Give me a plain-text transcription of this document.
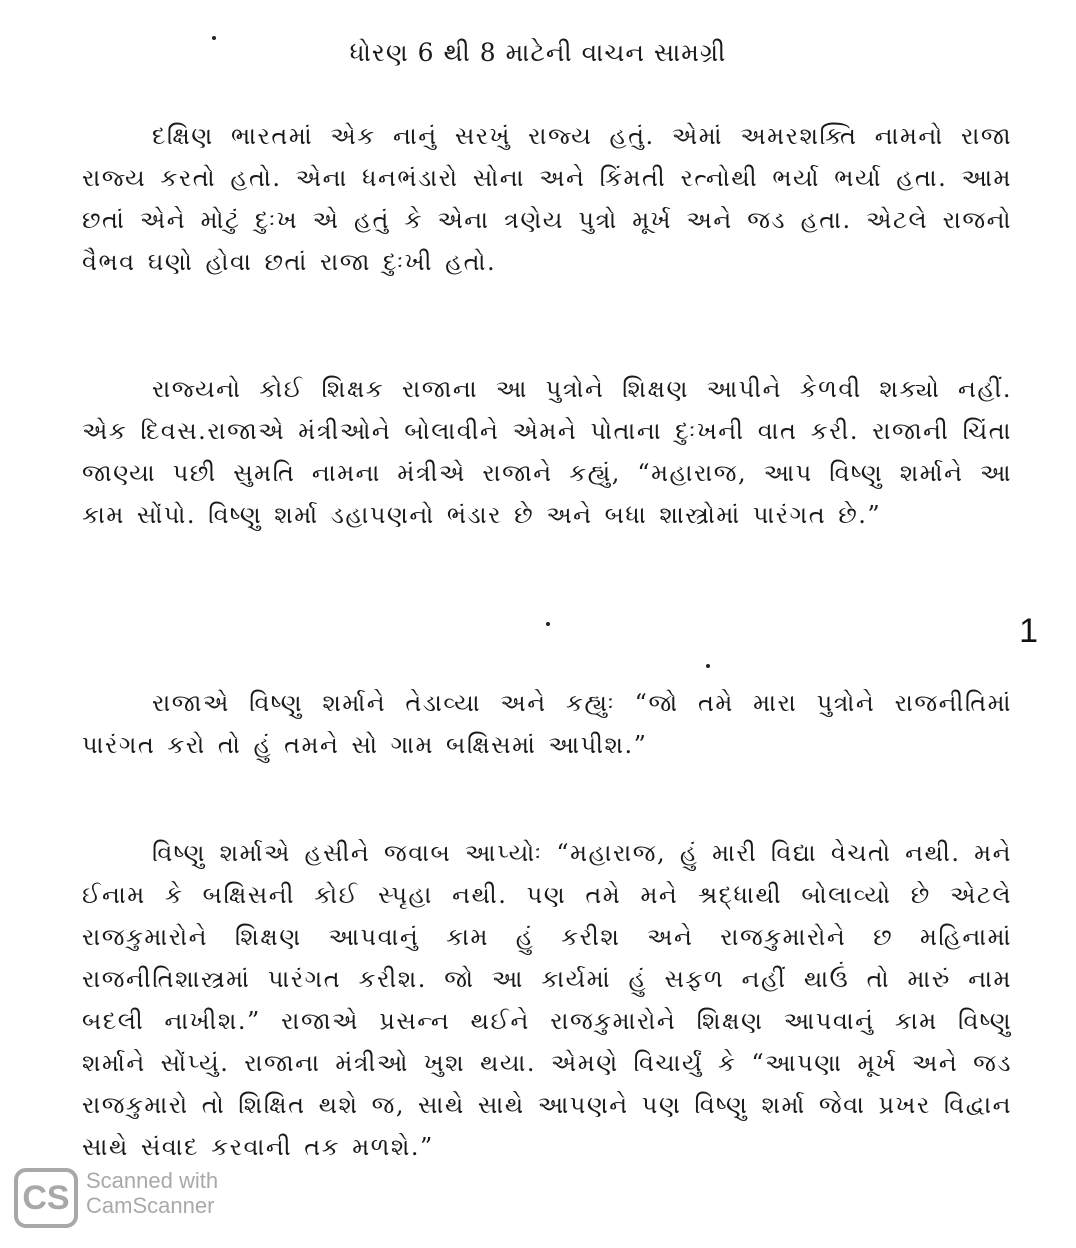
ધોરણ 6 થી 8 માટેની વાચન સામગ્રી

દક્ષિણ ભારતમાં એક નાનું સરખું રાજ્ય હતું. એમાં અમરશક્તિ નામનો રાજા રાજ્ય કરતો હતો. એના ધનભંડારો સોના અને કિંમતી રત્નોથી ભર્યા ભર્યા હતા. આમ છતાં એને મોટું દુઃખ એ હતું કે એના ત્રણેય પુત્રો મૂર્ખ અને જડ હતા. એટલે રાજનો વૈભવ ઘણો હોવા છતાં રાજા દુઃખી હતો.

રાજ્યનો કોઈ શિક્ષક રાજાના આ પુત્રોને શિક્ષણ આપીને કેળવી શક્યો નહીં. એક દિવસ.રાજાએ મંત્રીઓને બોલાવીને એમને પોતાના દુઃખની વાત કરી. રાજાની ચિંતા જાણ્યા પછી સુમતિ નામના મંત્રીએ રાજાને કહ્યું, “મહારાજ, આપ વિષ્ણુ શર્માને આ કામ સોંપો. વિષ્ણુ શર્મા ડહાપણનો ભંડાર છે અને બધા શાસ્ત્રોમાં પારંગત છે.”

1

રાજાએ વિષ્ણુ શર્માને તેડાવ્યા અને કહ્યુઃ “જો તમે મારા પુત્રોને રાજનીતિમાં પારંગત કરો તો હું તમને સો ગામ બક્ષિસમાં આપીશ.”

વિષ્ણુ શર્માએ હસીને જવાબ આપ્યોઃ “મહારાજ, હું મારી વિદ્યા વેચતો નથી. મને ઈનામ કે બક્ષિસની કોઈ સ્પૃહા નથી. પણ તમે મને શ્રદ્ધાથી બોલાવ્યો છે એટલે રાજકુમારોને શિક્ષણ આપવાનું કામ હું કરીશ અને રાજકુમારોને છ મહિનામાં રાજનીતિશાસ્ત્રમાં પારંગત કરીશ. જો આ કાર્યમાં હું સફળ નહીં થાઉં તો મારું નામ બદલી નાખીશ.” રાજાએ પ્રસન્ન થઈને રાજકુમારોને શિક્ષણ આપવાનું કામ વિષ્ણુ શર્માને સોંપ્યું. રાજાના મંત્રીઓ ખુશ થયા. એમણે વિચાર્યું કે “આપણા મૂર્ખ અને જડ રાજકુમારો તો શિક્ષિત થશે જ, સાથે સાથે આપણને પણ વિષ્ણુ શર્મા જેવા પ્રખર વિદ્વાન સાથે સંવાદ કરવાની તક મળશે.”

CS Scanned with
CamScanner
